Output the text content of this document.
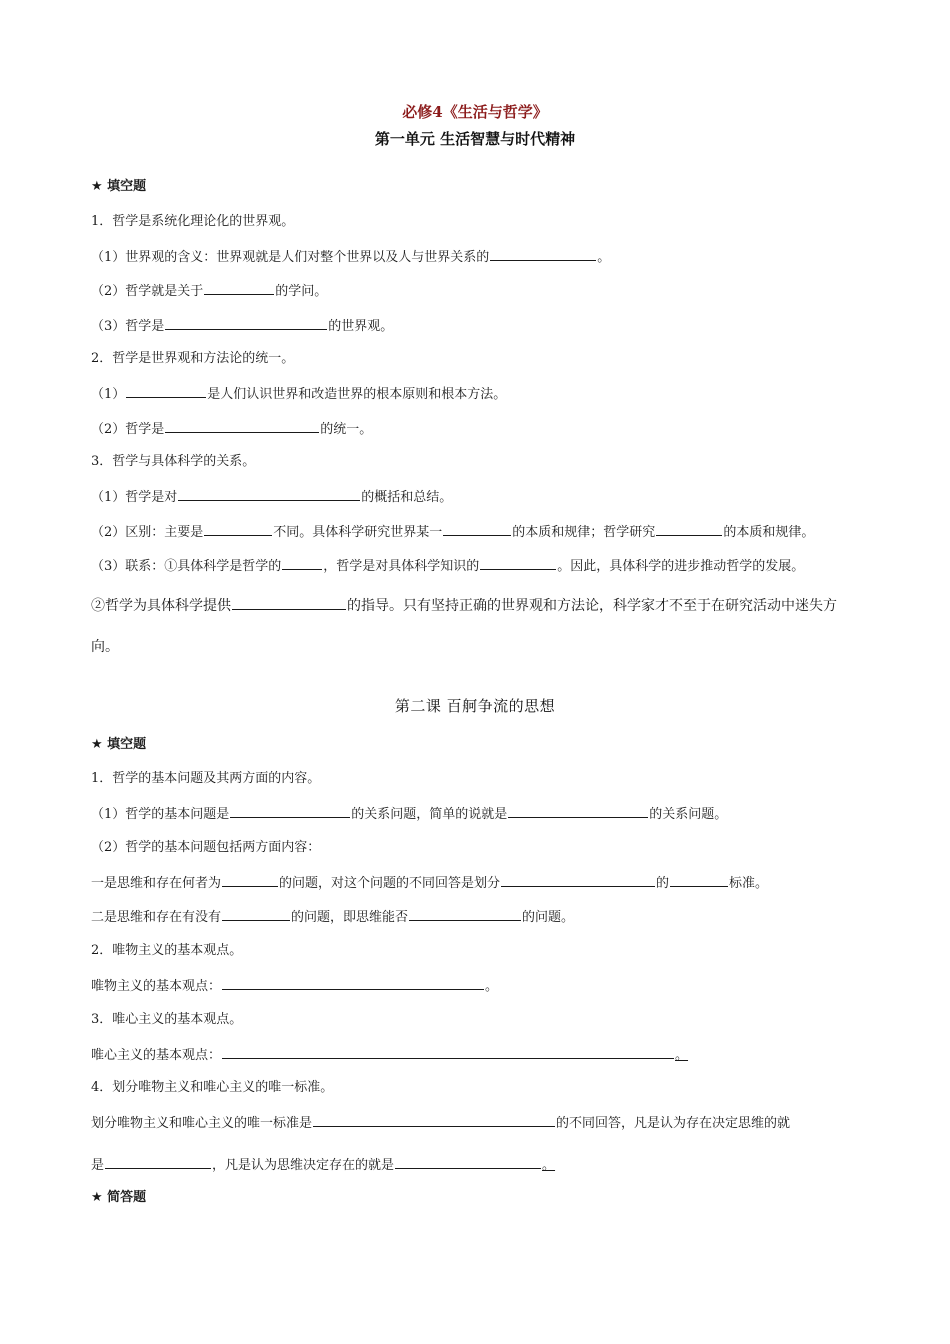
必修4《生活与哲学》
第一单元 生活智慧与时代精神
★ 填空题
1．哲学是系统化理论化的世界观。
（1）世界观的含义：世界观就是人们对整个世界以及人与世界关系的	。
（2）哲学就是关于	的学问。
（3）哲学是	的世界观。
2．哲学是世界观和方法论的统一。
（1）	是人们认识世界和改造世界的根本原则和根本方法。
（2）哲学是	的统一。
3．哲学与具体科学的关系。
（1）哲学是对	的概括和总结。
（2）区别：主要是	不同。具体科学研究世界某一	的本质和规律；哲学研究	的本质和规律。
（3）联系：①具体科学是哲学的	，哲学是对具体科学知识的	。因此，具体科学的进步推动哲学的发展。
②哲学为具体科学提供	的指导。只有坚持正确的世界观和方法论，科学家才不至于在研究活动中迷失方
向。
第二课 百舸争流的思想
★ 填空题
1．哲学的基本问题及其两方面的内容。
（1）哲学的基本问题是	的关系问题，简单的说就是	的关系问题。
（2）哲学的基本问题包括两方面内容：
一是思维和存在何者为	的问题，对这个问题的不同回答是划分	的	标准。
二是思维和存在有没有	的问题，即思维能否	的问题。
2．唯物主义的基本观点。
唯物主义的基本观点：	。
3．唯心主义的基本观点。
唯心主义的基本观点：	。
4．划分唯物主义和唯心主义的唯一标准。
划分唯物主义和唯心主义的唯一标准是	的不同回答，凡是认为存在决定思维的就
是	，凡是认为思维决定存在的就是	。
★ 简答题
